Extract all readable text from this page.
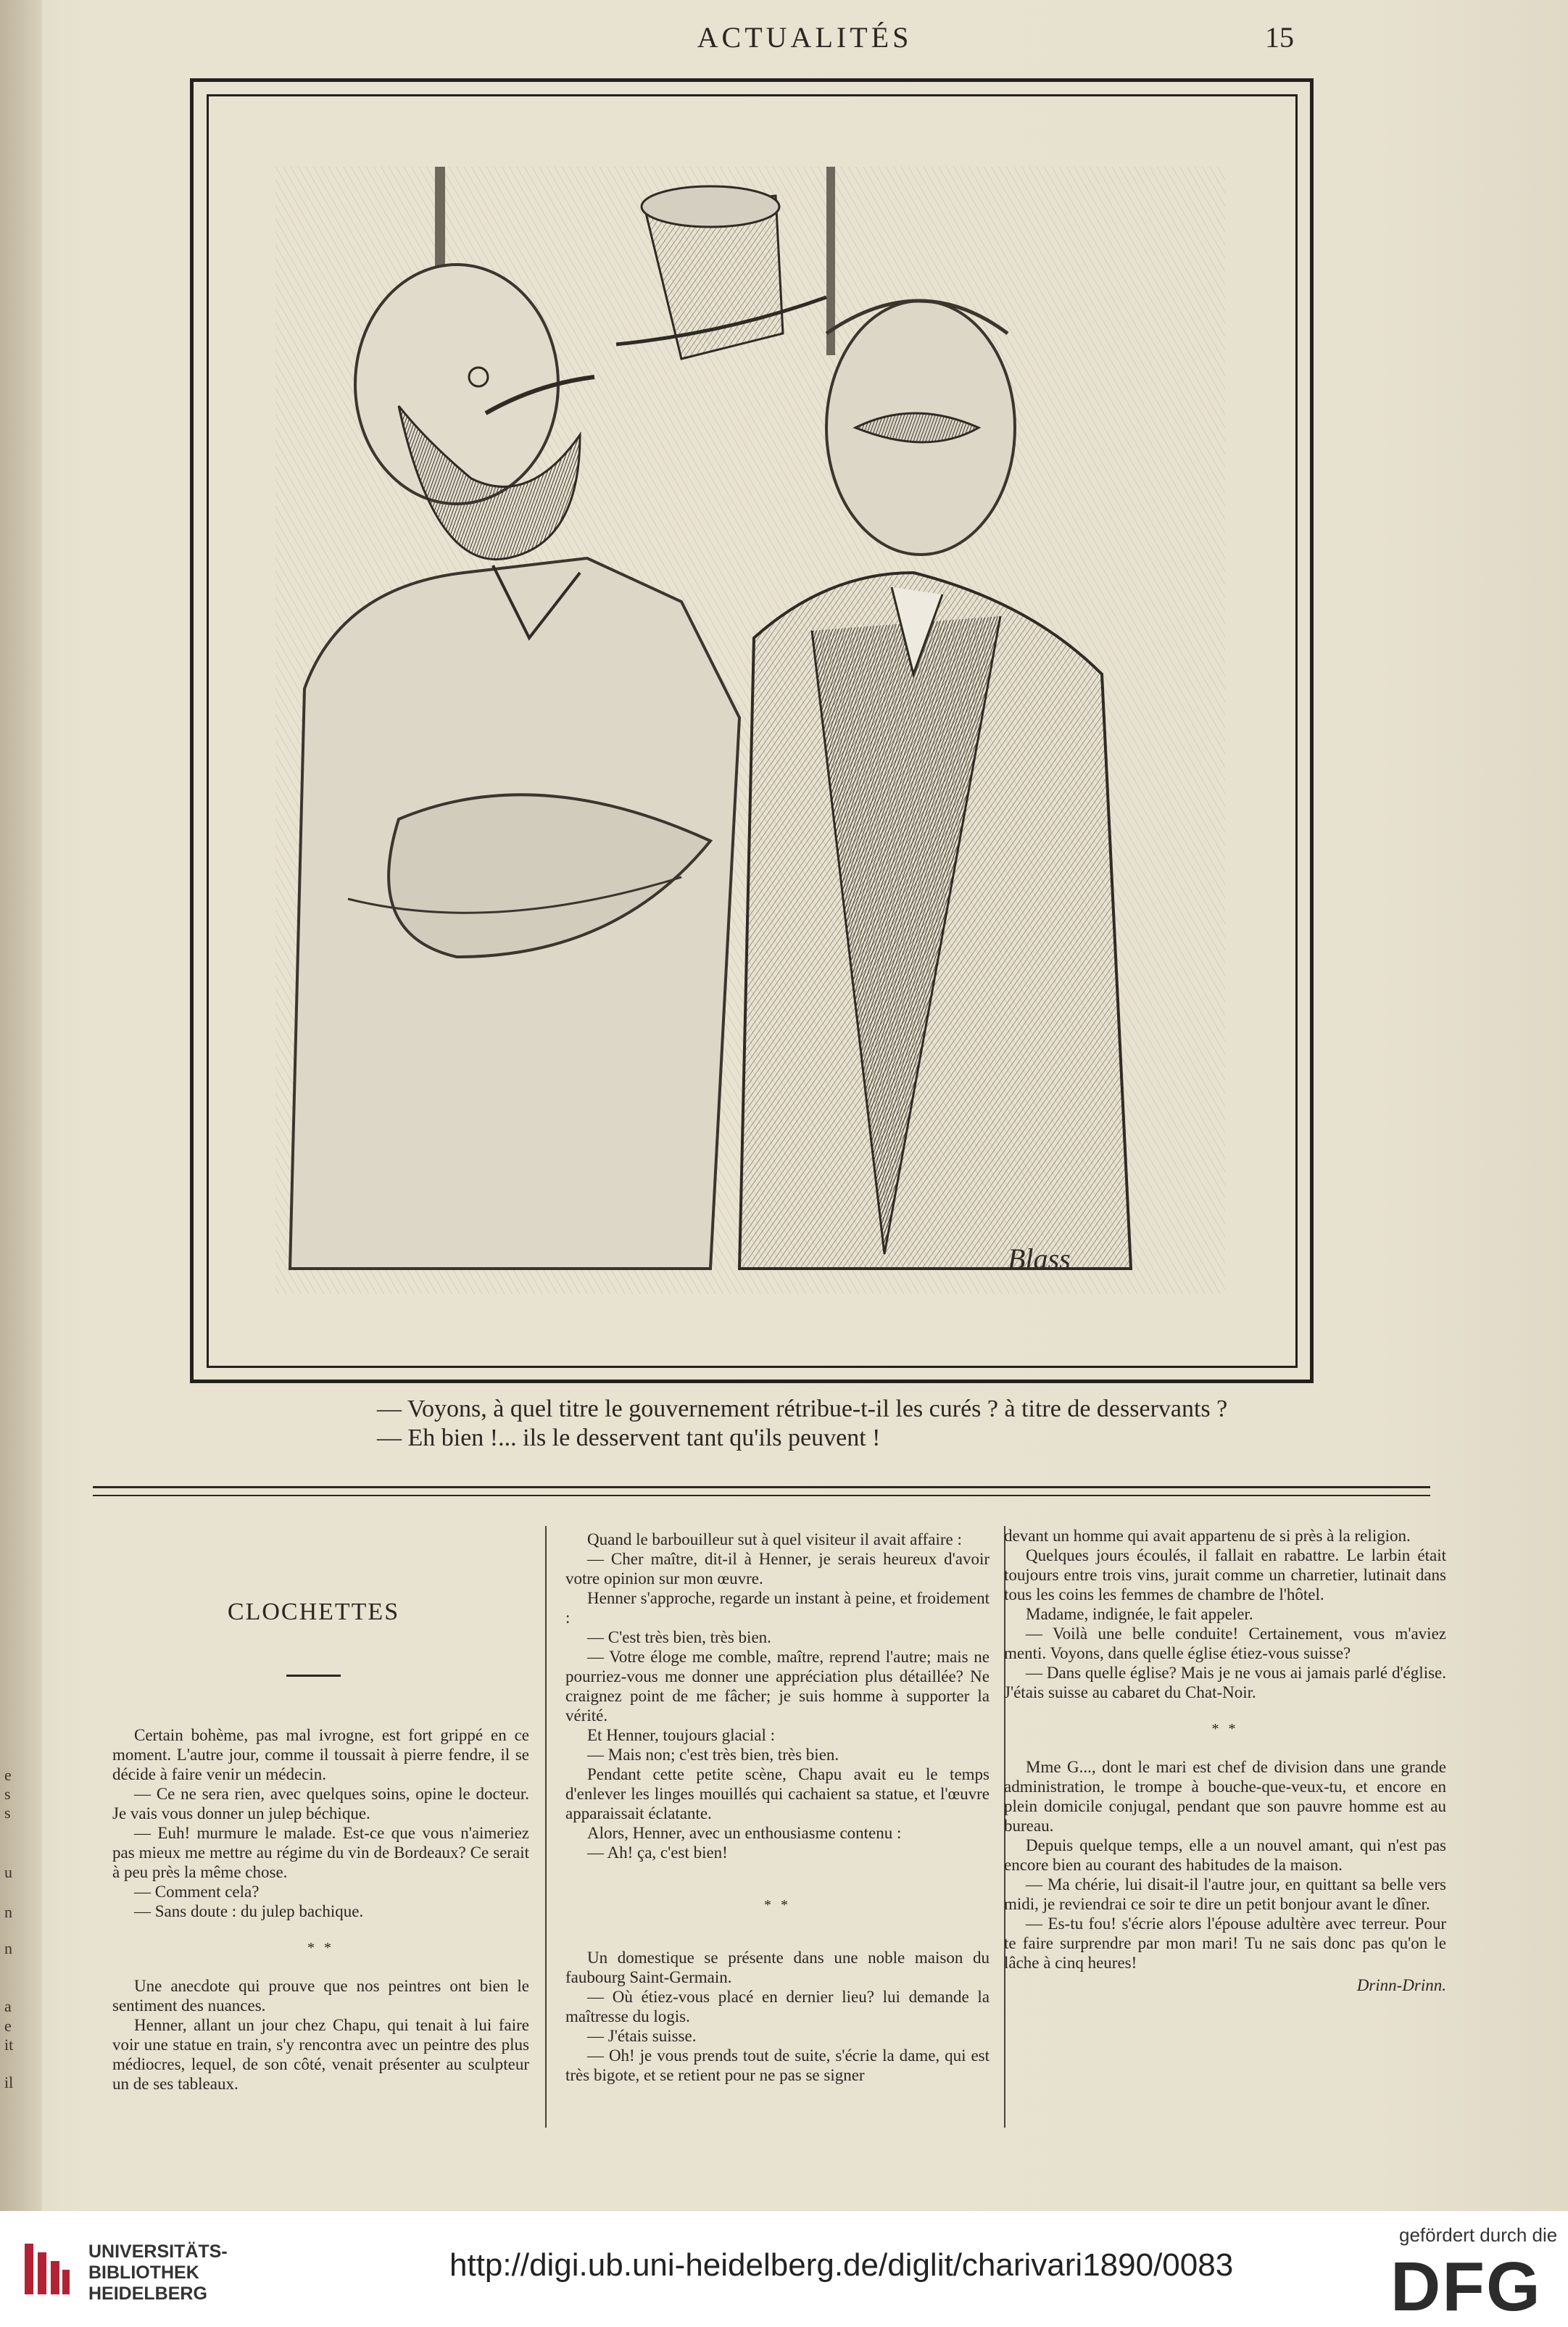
e
s
s
u
n
n
a
e
it
il
ACTUALITÉS	15
Blass
— Voyons, à quel titre le gouvernement rétribue-t-il les curés ? à titre de desservants ?
— Eh bien !... ils le desservent tant qu'ils peuvent !
CLOCHETTES

Certain bohème, pas mal ivrogne, est fort grippé en ce moment. L'autre jour, comme il toussait à pierre fendre, il se décide à faire venir un médecin.

— Ce ne sera rien, avec quelques soins, opine le docteur. Je vais vous donner un julep béchique.

— Euh! murmure le malade. Est-ce que vous n'aimeriez pas mieux me mettre au régime du vin de Bordeaux? Ce serait à peu près la même chose.

— Comment cela?

— Sans doute : du julep bachique.

* *

Une anecdote qui prouve que nos peintres ont bien le sentiment des nuances.

Henner, allant un jour chez Chapu, qui tenait à lui faire voir une statue en train, s'y rencontra avec un peintre des plus médiocres, lequel, de son côté, venait présenter au sculpteur un de ses tableaux.

Quand le barbouilleur sut à quel visiteur il avait affaire :

— Cher maître, dit-il à Henner, je serais heureux d'avoir votre opinion sur mon œuvre.

Henner s'approche, regarde un instant à peine, et froidement :

— C'est très bien, très bien.

— Votre éloge me comble, maître, reprend l'autre; mais ne pourriez-vous me donner une appréciation plus détaillée? Ne craignez point de me fâcher; je suis homme à supporter la vérité.

Et Henner, toujours glacial :

— Mais non; c'est très bien, très bien.

Pendant cette petite scène, Chapu avait eu le temps d'enlever les linges mouillés qui cachaient sa statue, et l'œuvre apparaissait éclatante.

Alors, Henner, avec un enthousiasme contenu :

— Ah! ça, c'est bien!

* *

Un domestique se présente dans une noble maison du faubourg Saint-Germain.

— Où étiez-vous placé en dernier lieu? lui demande la maîtresse du logis.

— J'étais suisse.

— Oh! je vous prends tout de suite, s'écrie la dame, qui est très bigote, et se retient pour ne pas se signer

devant un homme qui avait appartenu de si près à la religion.

Quelques jours écoulés, il fallait en rabattre. Le larbin était toujours entre trois vins, jurait comme un charretier, lutinait dans tous les coins les femmes de chambre de l'hôtel.

Madame, indignée, le fait appeler.

— Voilà une belle conduite! Certainement, vous m'aviez menti. Voyons, dans quelle église étiez-vous suisse?

— Dans quelle église? Mais je ne vous ai jamais parlé d'église. J'étais suisse au cabaret du Chat-Noir.

* *

Mme G..., dont le mari est chef de division dans une grande administration, le trompe à bouche-que-veux-tu, et encore en plein domicile conjugal, pendant que son pauvre homme est au bureau.

Depuis quelque temps, elle a un nouvel amant, qui n'est pas encore bien au courant des habitudes de la maison.

— Ma chérie, lui disait-il l'autre jour, en quittant sa belle vers midi, je reviendrai ce soir te dire un petit bonjour avant le dîner.

— Es-tu fou! s'écrie alors l'épouse adultère avec terreur. Pour te faire surprendre par mon mari! Tu ne sais donc pas qu'on le lâche à cinq heures!

Drinn-Drinn.
UNIVERSITÄTS-
BIBLIOTHEK
HEIDELBERG
http://digi.ub.uni-heidelberg.de/diglit/charivari1890/0083
gefördert durch die
DFG
